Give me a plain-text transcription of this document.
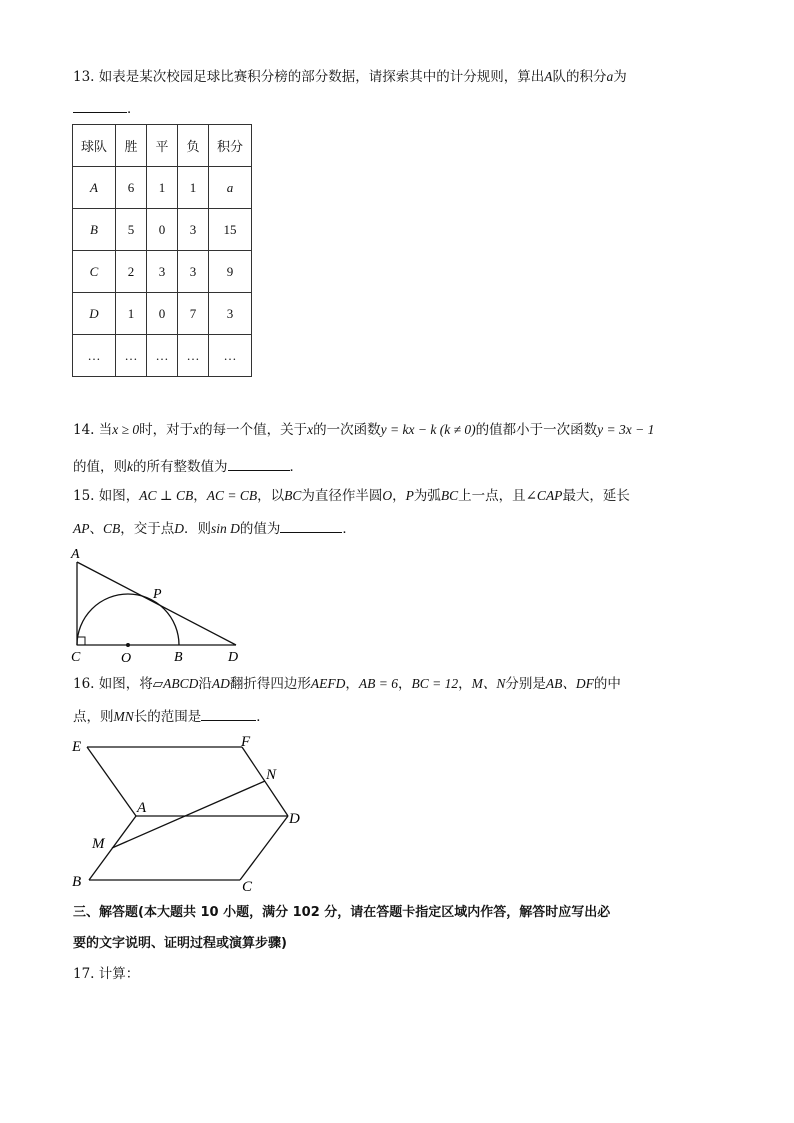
13. 如表是某次校园足球比赛积分榜的部分数据，请探索其中的计分规则，算出A队的积分a为
．
球队	胜	平	负	积分
A	6	1	1	a
B	5	0	3	15
C	2	3	3	9
D	1	0	7	3
…	…	…	…	…
14. 当x ≥ 0时，对于x的每一个值，关于x的一次函数y = kx − k (k ≠ 0)的值都小于一次函数y = 3x − 1
的值，则k的所有整数值为	．
15. 如图，AC ⊥ CB，AC = CB，以BC为直径作半圆O，P为弧BC上一点，且∠CAP最大，延长
AP、CB，交于点D．则sin D的值为	．
A
P
C	O	B	D
16. 如图，将▱ABCD沿AD翻折得四边形AEFD，AB = 6，BC = 12，M、N分别是AB、DF的中
点，则MN长的范围是	．
E	F
N
A
D
M
B	C
三、解答题(本大题共 10 小题，满分 102 分，请在答题卡指定区域内作答，解答时应写出必
要的文字说明、证明过程或演算步骤)
17. 计算：
